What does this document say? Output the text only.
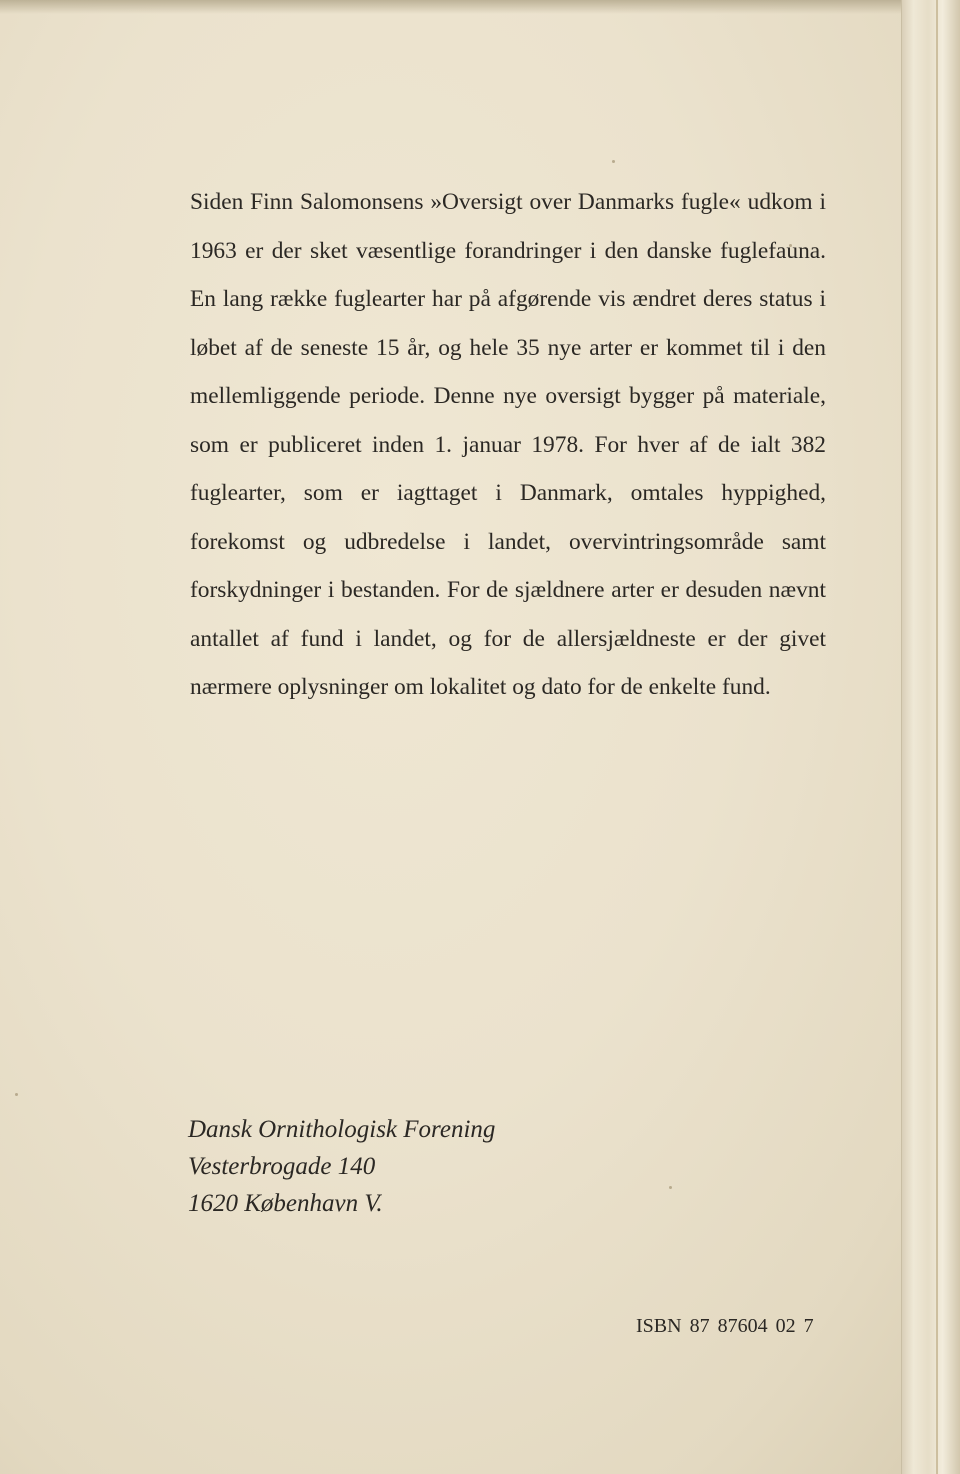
Siden Finn Salomonsens »Oversigt over Danmarks fugle« udkom i 1963 er der sket væsentlige forandringer i den danske fuglefauna. En lang række fuglearter har på afgørende vis ændret deres status i løbet af de seneste 15 år, og hele 35 nye arter er kommet til i den mellemliggende periode. Denne nye oversigt bygger på materiale, som er publiceret inden 1. januar 1978. For hver af de ialt 382 fuglearter, som er iagttaget i Danmark, omtales hyppighed, forekomst og udbredelse i landet, overvintringsområde samt forskydninger i bestanden. For de sjældnere arter er desuden nævnt antallet af fund i landet, og for de allersjældneste er der givet nærmere oplysninger om lokalitet og dato for de enkelte fund.

Dansk Ornithologisk Forening
Vesterbrogade 140
1620 København V.

ISBN 87 87604 02 7
